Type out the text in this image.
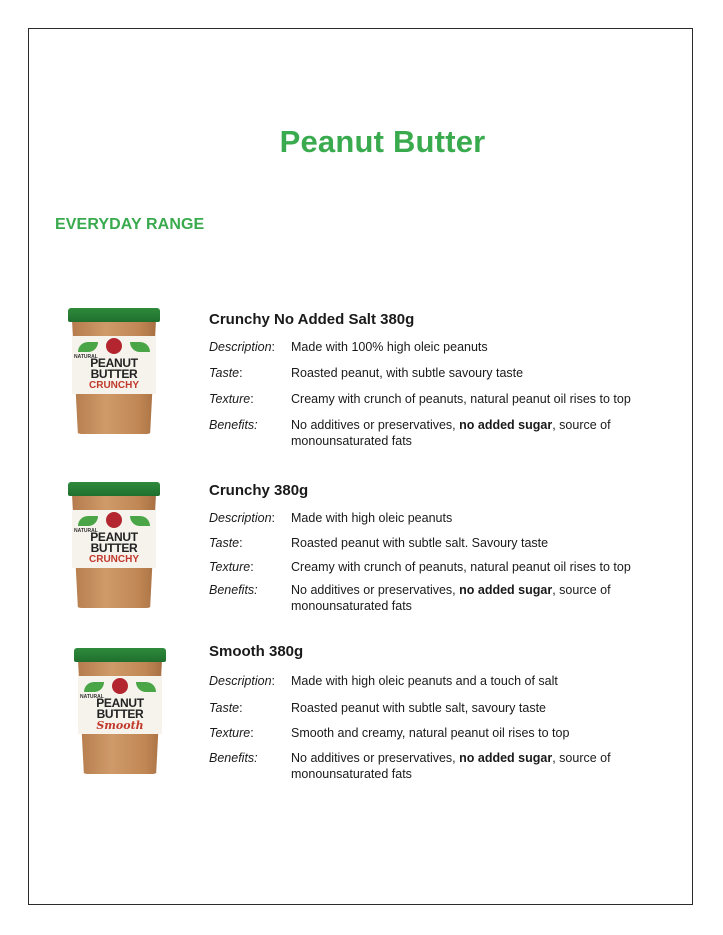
Peanut Butter
EVERYDAY RANGE
NATURAL
PEANUT
BUTTER
CRUNCHY
Crunchy No Added Salt 380g
Description: Made with 100% high oleic peanuts
Taste:	Roasted peanut, with subtle savoury taste
Texture:	Creamy with crunch of peanuts, natural peanut oil rises to top
Benefits:	No additives or preservatives, no added sugar, source of monounsaturated fats
NATURAL
PEANUT
BUTTER
CRUNCHY
Crunchy 380g
Description: Made with high oleic peanuts
Taste:	Roasted peanut with subtle salt. Savoury taste
Texture:	Creamy with crunch of peanuts, natural peanut oil rises to top
Benefits:	No additives or preservatives, no added sugar, source of monounsaturated fats
NATURAL
PEANUT
BUTTER
Smooth
Smooth 380g
Description: Made with high oleic peanuts and a touch of salt
Taste:	Roasted peanut with subtle salt, savoury taste
Texture:	Smooth and creamy, natural peanut oil rises to top
Benefits:	No additives or preservatives, no added sugar, source of monounsaturated fats
